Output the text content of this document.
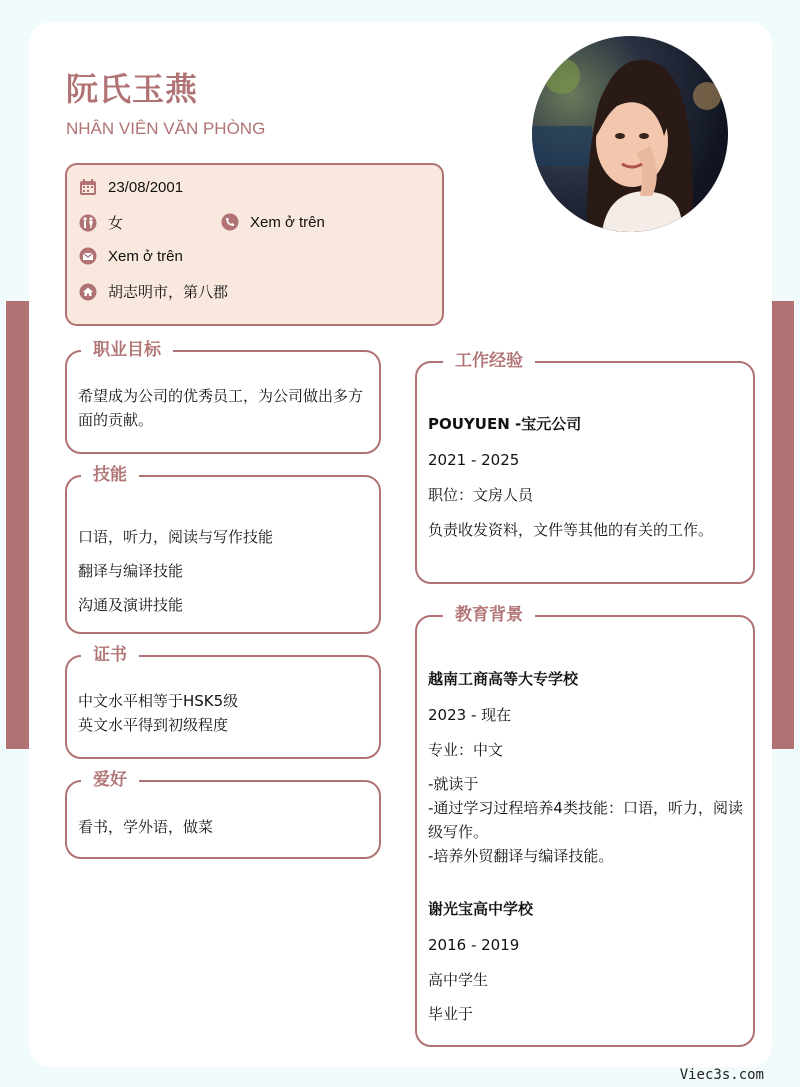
阮氏玉燕
NHÂN VIÊN VĂN PHÒNG
23/08/2001
女	Xem ở trên
Xem ở trên
胡志明市，第八郡
职业目标
希望成为公司的优秀员工，为公司做出多方面的贡献。
技能

口语，听力，阅读与写作技能

翻译与编译技能

沟通及演讲技能

证书

中文水平相等于HSK5级

英文水平得到初级程度

爱好
看书，学外语，做菜
工作经验

POUYUEN -宝元公司

2021 - 2025

职位：文房人员

负责收发资料，文件等其他的有关的工作。

教育背景

越南工商高等大专学校

2023 - 现在

专业：中文

-就读于

-通过学习过程培养4类技能：口语，听力，阅读级写作。

-培养外贸翻译与编译技能。

谢光宝高中学校

2016 - 2019

高中学生

毕业于

Viec3s.com
